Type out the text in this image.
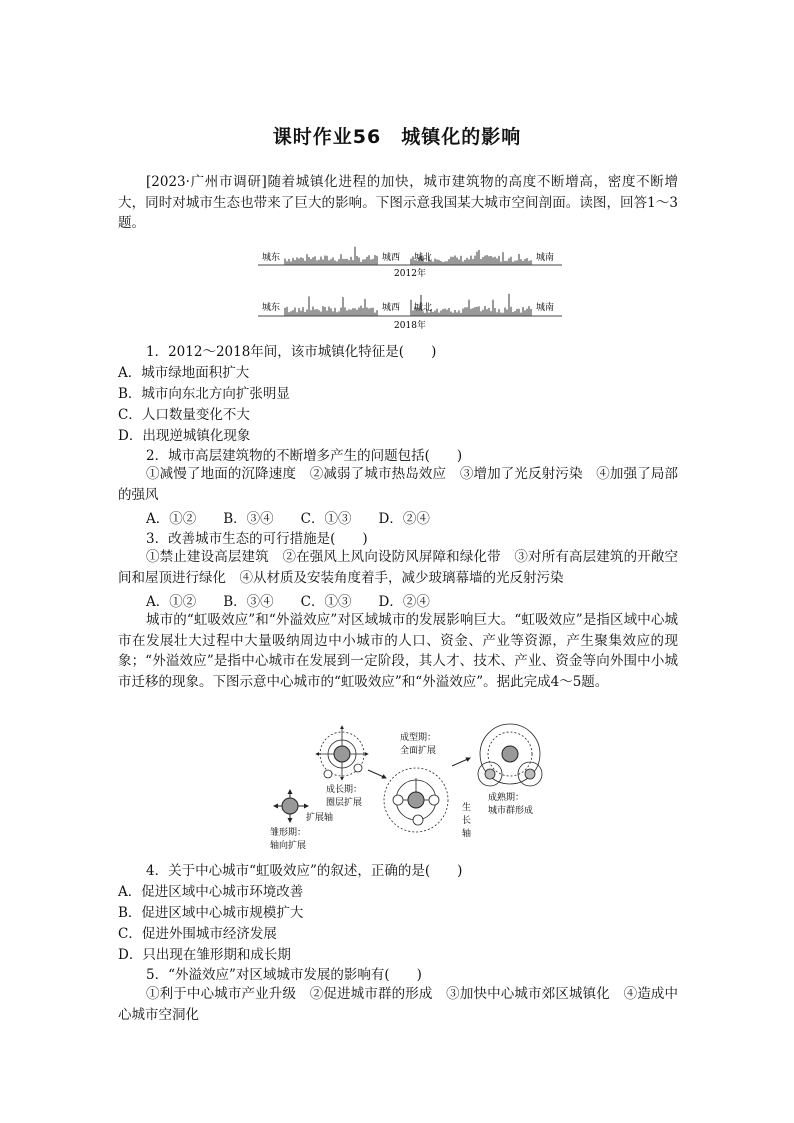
课时作业56　城镇化的影响
[2023·广州市调研]随着城镇化进程的加快，城市建筑物的高度不断增高，密度不断增大，同时对城市生态也带来了巨大的影响。下图示意我国某大城市空间剖面。读图，回答1～3题。
城东	城西 城北	城南
2012年
城东	城西 城北	城南
2018年
1．2012～2018年间，该市城镇化特征是(　　)
A．城市绿地面积扩大
B．城市向东北方向扩张明显
C．人口数量变化不大
D．出现逆城镇化现象
2．城市高层建筑物的不断增多产生的问题包括(　　)
①减慢了地面的沉降速度　②减弱了城市热岛效应　③增加了光反射污染　④加强了局部的强风
A．①②　　B．③④　　C．①③　　D．②④
3．改善城市生态的可行措施是(　　)
①禁止建设高层建筑　②在强风上风向设防风屏障和绿化带　③对所有高层建筑的开敞空间和屋顶进行绿化　④从材质及安装角度着手，减少玻璃幕墙的光反射污染
A．①②　　B．③④　　C．①③　　D．②④
城市的“虹吸效应”和“外溢效应”对区域城市的发展影响巨大。“虹吸效应”是指区域中心城市在发展壮大过程中大量吸纳周边中小城市的人口、资金、产业等资源，产生聚集效应的现象；“外溢效应”是指中心城市在发展到一定阶段，其人才、技术、产业、资金等向外围中小城市迁移的现象。下图示意中心城市的“虹吸效应”和“外溢效应”。据此完成4～5题。
雏形期：
轴向扩展
扩展轴
成长期：
圈层扩展
成型期：
全面扩展
生
长
轴
成熟期：
城市群形成
4．关于中心城市“虹吸效应”的叙述，正确的是(　　)
A．促进区域中心城市环境改善
B．促进区域中心城市规模扩大
C．促进外围城市经济发展
D．只出现在雏形期和成长期
5．“外溢效应”对区域城市发展的影响有(　　)
①利于中心城市产业升级　②促进城市群的形成　③加快中心城市郊区城镇化　④造成中心城市空洞化
